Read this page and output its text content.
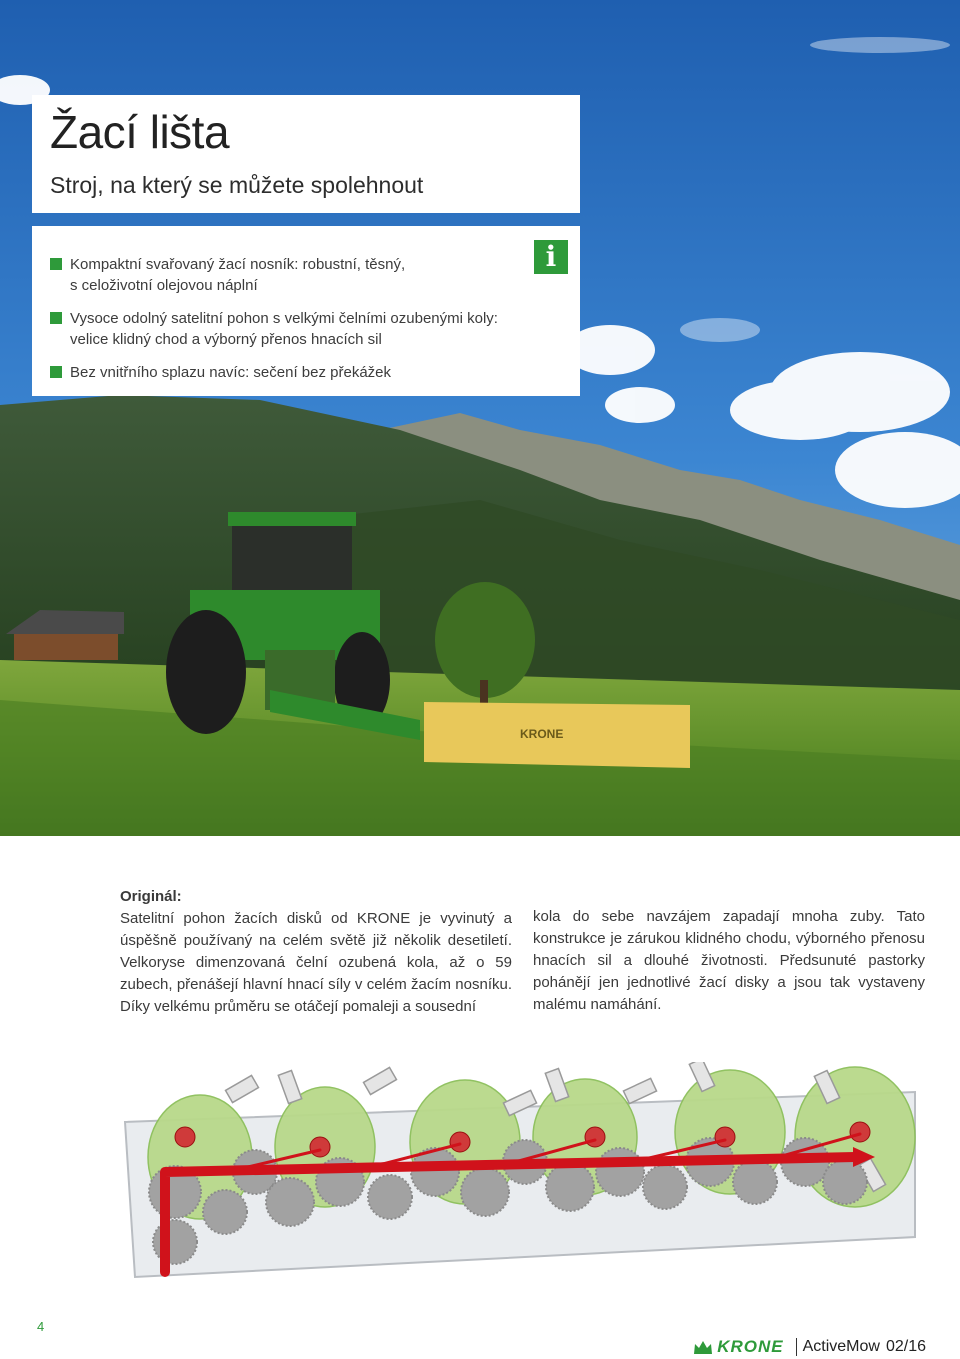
KRONE
Žací lišta
Stroj, na který se můžete spolehnout
i
Kompaktní svařovaný žací nosník: robustní, těsný,
s celoživotní olejovou náplní
Vysoce odolný satelitní pohon s velkými čelními ozubenými koly:
velice klidný chod a výborný přenos hnacích sil
Bez vnitřního splazu navíc: sečení bez překážek

Originál:

Satelitní pohon žacích disků od KRONE je vyvinutý a úspěšně používaný na celém světě již několik desetiletí. Velkoryse dimenzovaná čelní ozubená kola, až o 59 zubech, přenášejí hlavní hnací síly v celém žacím nosníku. Díky velkému průměru se otáčejí pomaleji a sousední

kola do sebe navzájem zapadají mnoha zuby. Tato konstrukce je zárukou klidného chodu, výborného přenosu hnacích sil a dlouhé životnosti. Předsunuté pastorky pohánějí jen jednotlivé žací disky a jsou tak vystaveny malému namáhání.

4
KRONE ActiveMow 02/16
